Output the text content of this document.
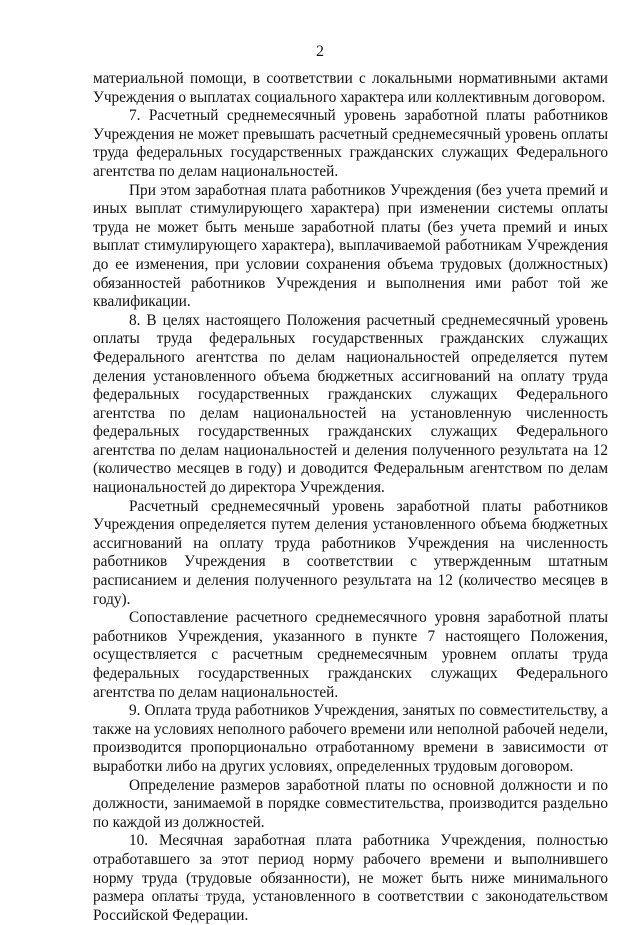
2

материальной помощи, в соответствии с локальными нормативными актами Учреждения о выплатах социального характера или коллективным договором.

7. Расчетный среднемесячный уровень заработной платы работников Учреждения не может превышать расчетный среднемесячный уровень оплаты труда федеральных государственных гражданских служащих Федерального агентства по делам национальностей.

При этом заработная плата работников Учреждения (без учета премий и иных выплат стимулирующего характера) при изменении системы оплаты труда не может быть меньше заработной платы (без учета премий и иных выплат стимулирующего характера), выплачиваемой работникам Учреждения до ее изменения, при условии сохранения объема трудовых (должностных) обязанностей работников Учреждения и выполнения ими работ той же квалификации.

8. В целях настоящего Положения расчетный среднемесячный уровень оплаты труда федеральных государственных гражданских служащих Федерального агентства по делам национальностей определяется путем деления установленного объема бюджетных ассигнований на оплату труда федеральных государственных гражданских служащих Федерального агентства по делам национальностей на установленную численность федеральных государственных гражданских служащих Федерального агентства по делам национальностей и деления полученного результата на 12 (количество месяцев в году) и доводится Федеральным агентством по делам национальностей до директора Учреждения.

Расчетный среднемесячный уровень заработной платы работников Учреждения определяется путем деления установленного объема бюджетных ассигнований на оплату труда работников Учреждения на численность работников Учреждения в соответствии с утвержденным штатным расписанием и деления полученного результата на 12 (количество месяцев в году).

Сопоставление расчетного среднемесячного уровня заработной платы работников Учреждения, указанного в пункте 7 настоящего Положения, осуществляется с расчетным среднемесячным уровнем оплаты труда федеральных государственных гражданских служащих Федерального агентства по делам национальностей.

9. Оплата труда работников Учреждения, занятых по совместительству, а также на условиях неполного рабочего времени или неполной рабочей недели, производится пропорционально отработанному времени в зависимости от выработки либо на других условиях, определенных трудовым договором.

Определение размеров заработной платы по основной должности и по должности, занимаемой в порядке совместительства, производится раздельно по каждой из должностей.

10. Месячная заработная плата работника Учреждения, полностью отработавшего за этот период норму рабочего времени и выполнившего норму труда (трудовые обязанности), не может быть ниже минимального размера оплаты труда, установленного в соответствии с законодательством Российской Федерации.
